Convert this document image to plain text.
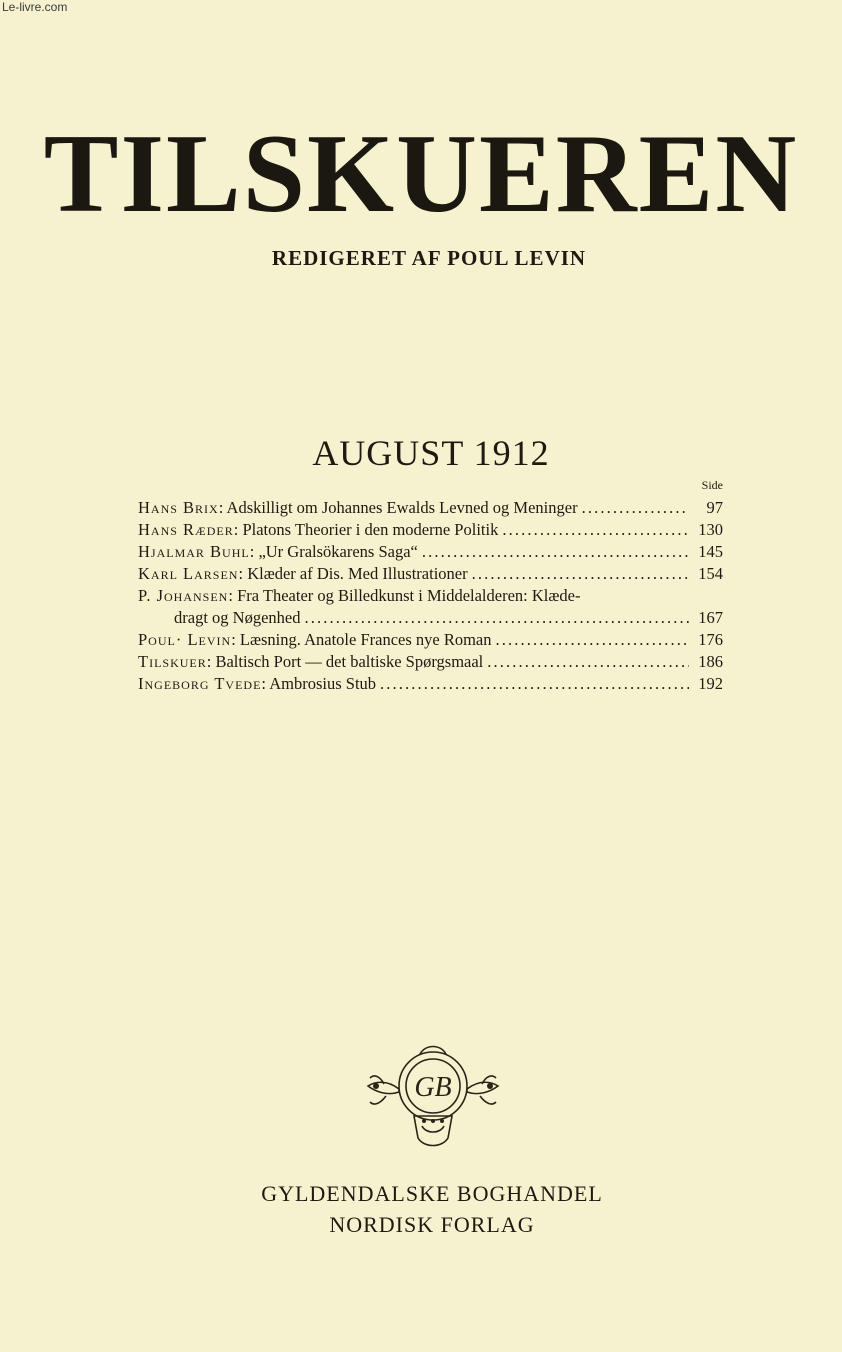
Le-livre.com
TILSKUEREN
REDIGERET AF POUL LEVIN
AUGUST 1912
Side
Hans Brix: Adskilligt om Johannes Ewalds Levned og Meninger . . .	97
Hans Ræder: Platons Theorier i den moderne Politik . . .	130
Hjalmar Buhl: „Ur Gralsökarens Saga“ . . .	145
Karl Larsen: Klæder af Dis. Med Illustrationer . . .	154
P. Johansen: Fra Theater og Billedkunst i Middelalderen: Klæde-
dragt og Nøgenhed . . .	167
Poul· Levin: Læsning. Anatole Frances nye Roman . . .	176
Tilskuer: Baltisch Port — det baltiske Spørgsmaal . . .	186
Ingeborg Tvede: Ambrosius Stub . . .	192
GB
GYLDENDALSKE BOGHANDEL
NORDISK FORLAG
